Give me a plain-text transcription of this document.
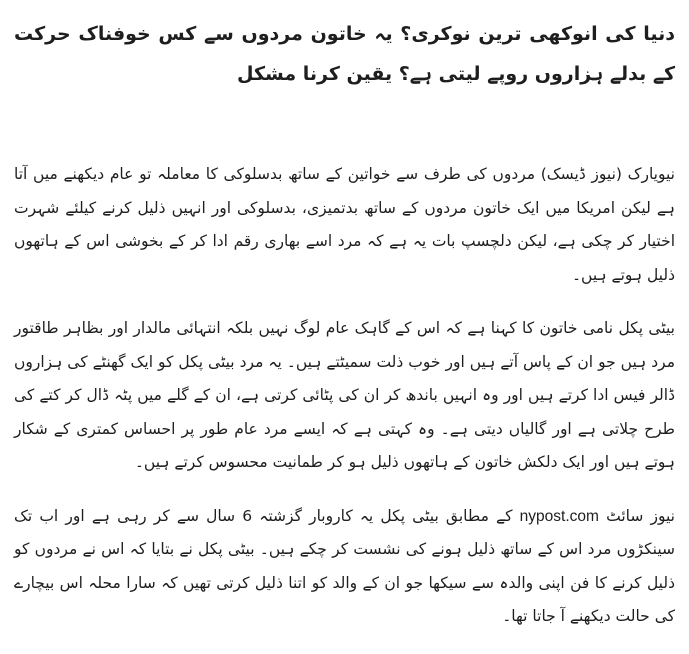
دنیا کی انوکھی ترین نوکری؟ یہ خاتون مردوں سے کس خوفناک حرکت کے بدلے ہزاروں روپے لیتی ہے؟ یقین کرنا مشکل

نیویارک (نیوز ڈیسک) مردوں کی طرف سے خواتین کے ساتھ بدسلوکی کا معاملہ تو عام دیکھنے میں آتا ہے لیکن امریکا میں ایک خاتون مردوں کے ساتھ بدتمیزی، بدسلوکی اور انہیں ذلیل کرنے کیلئے شہرت اختیار کر چکی ہے، لیکن دلچسپ بات یہ ہے کہ مرد اسے بھاری رقم ادا کر کے بخوشی اس کے ہاتھوں ذلیل ہوتے ہیں۔

بیٹی پکل نامی خاتون کا کہنا ہے کہ اس کے گاہک عام لوگ نہیں بلکہ انتہائی مالدار اور بظاہر طاقتور مرد ہیں جو ان کے پاس آتے ہیں اور خوب ذلت سمیٹتے ہیں۔ یہ مرد بیٹی پکل کو ایک گھنٹے کی ہزاروں ڈالر فیس ادا کرتے ہیں اور وہ انہیں باندھ کر ان کی پٹائی کرتی ہے، ان کے گلے میں پٹہ ڈال کر کتے کی طرح چلاتی ہے اور گالیاں دیتی ہے۔ وہ کہتی ہے کہ ایسے مرد عام طور پر احساس کمتری کے شکار ہوتے ہیں اور ایک دلکش خاتون کے ہاتھوں ذلیل ہو کر طمانیت محسوس کرتے ہیں۔

نیوز سائٹ nypost.com کے مطابق بیٹی پکل یہ کاروبار گزشتہ 6 سال سے کر رہی ہے اور اب تک سینکڑوں مرد اس کے ساتھ ذلیل ہونے کی نشست کر چکے ہیں۔ بیٹی پکل نے بتایا کہ اس نے مردوں کو ذلیل کرنے کا فن اپنی والدہ سے سیکھا جو ان کے والد کو اتنا ذلیل کرتی تھیں کہ سارا محلہ اس بیچارے کی حالت دیکھنے آ جاتا تھا۔
